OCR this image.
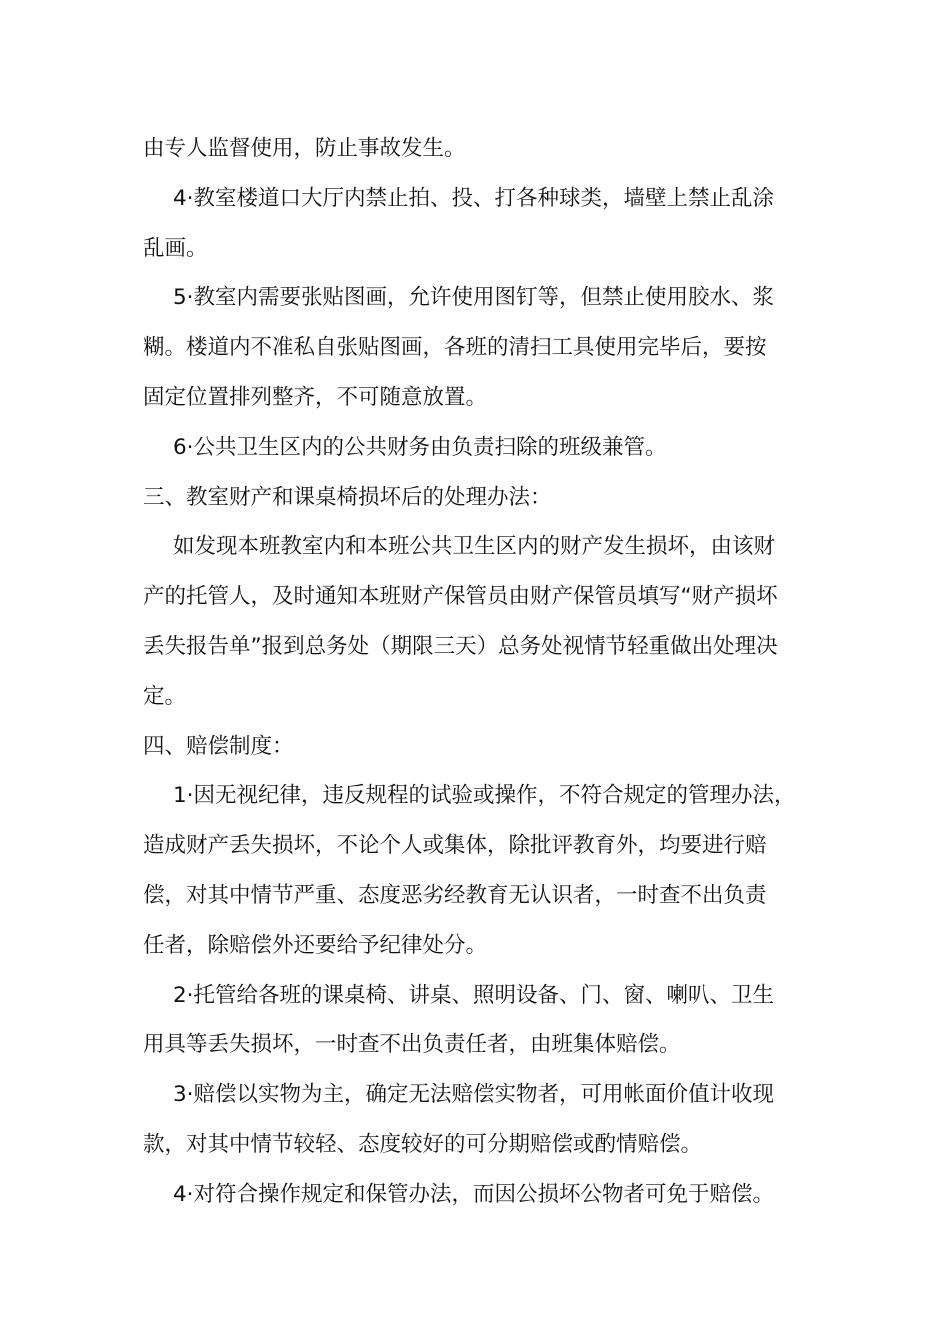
由专人监督使用，防止事故发生。

4·教室楼道口大厅内禁止拍、投、打各种球类，墙壁上禁止乱涂
乱画。

5·教室内需要张贴图画，允许使用图钉等，但禁止使用胶水、浆
糊。楼道内不准私自张贴图画，各班的清扫工具使用完毕后，要按
固定位置排列整齐，不可随意放置。

6·公共卫生区内的公共财务由负责扫除的班级兼管。

三、教室财产和课桌椅损坏后的处理办法：

如发现本班教室内和本班公共卫生区内的财产发生损坏，由该财
产的托管人，及时通知本班财产保管员由财产保管员填写“财产损坏
丢失报告单”报到总务处（期限三天）总务处视情节轻重做出处理决
定。

四、赔偿制度：

1·因无视纪律，违反规程的试验或操作，不符合规定的管理办法，
造成财产丢失损坏，不论个人或集体，除批评教育外，均要进行赔
偿，对其中情节严重、态度恶劣经教育无认识者，一时查不出负责
任者，除赔偿外还要给予纪律处分。

2·托管给各班的课桌椅、讲桌、照明设备、门、窗、喇叭、卫生
用具等丢失损坏，一时查不出负责任者，由班集体赔偿。

3·赔偿以实物为主，确定无法赔偿实物者，可用帐面价值计收现
款，对其中情节较轻、态度较好的可分期赔偿或酌情赔偿。

4·对符合操作规定和保管办法，而因公损坏公物者可免于赔偿。
